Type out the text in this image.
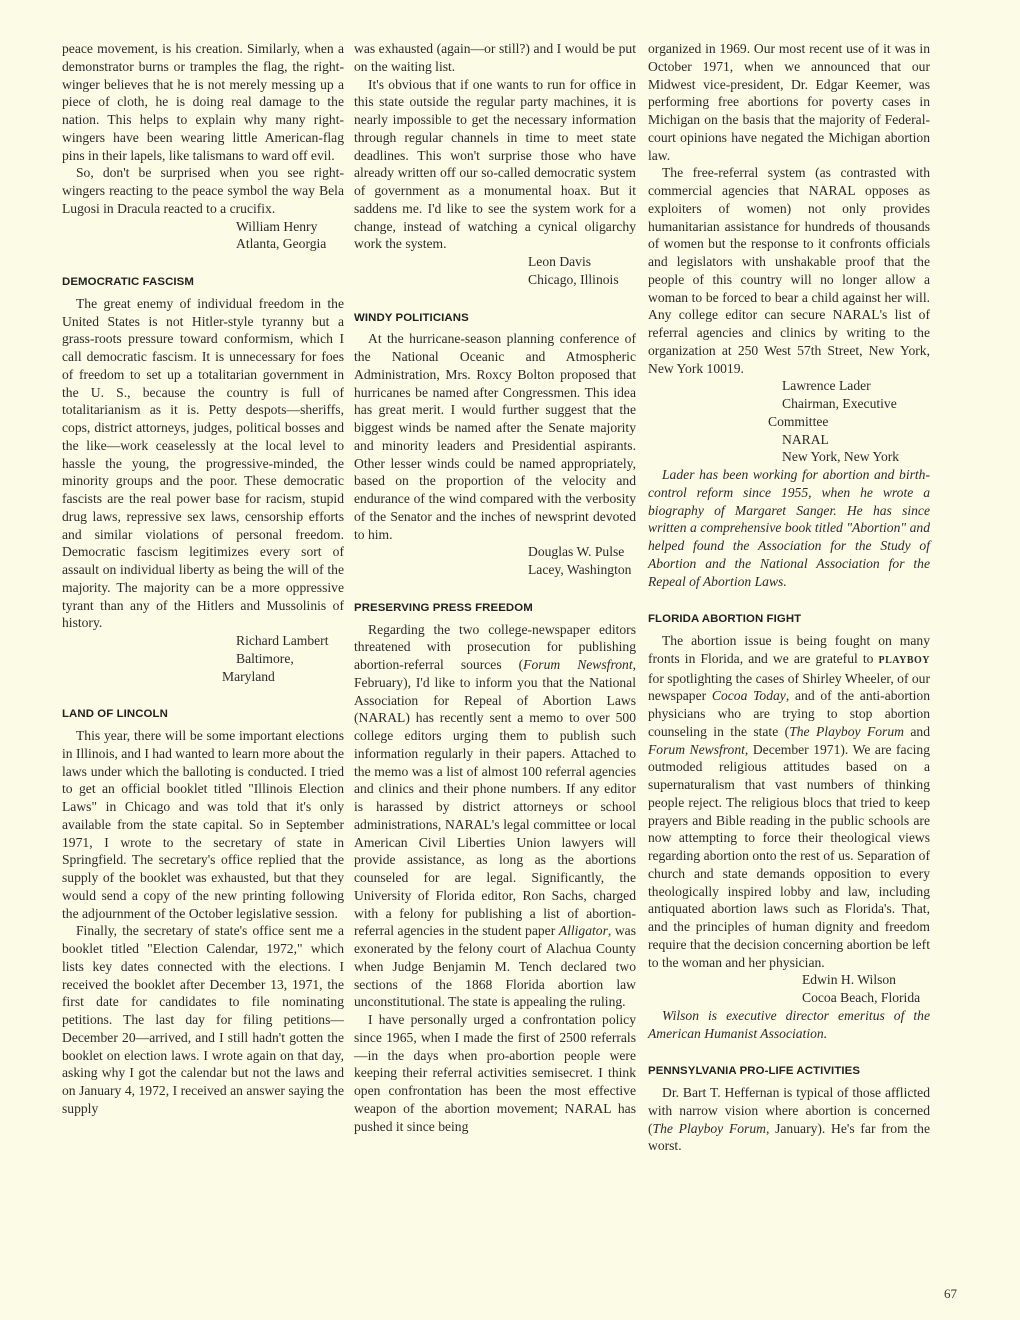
peace movement, is his creation. Similarly, when a demonstrator burns or tramples the flag, the right-winger believes that he is not merely messing up a piece of cloth, he is doing real damage to the nation. This helps to explain why many right-wingers have been wearing little American-flag pins in their lapels, like talismans to ward off evil.

So, don't be surprised when you see right-wingers reacting to the peace symbol the way Bela Lugosi in Dracula reacted to a crucifix.

William Henry

Atlanta, Georgia

DEMOCRATIC FASCISM

The great enemy of individual freedom in the United States is not Hitler-style tyranny but a grass-roots pressure toward conformism, which I call democratic fascism. It is unnecessary for foes of freedom to set up a totalitarian government in the U. S., because the country is full of totalitarianism as it is. Petty despots—sheriffs, cops, district attorneys, judges, political bosses and the like—work ceaselessly at the local level to hassle the young, the progressive-minded, the minority groups and the poor. These democratic fascists are the real power base for racism, stupid drug laws, repressive sex laws, censorship efforts and similar violations of personal freedom. Democratic fascism legitimizes every sort of assault on individual liberty as being the will of the majority. The majority can be a more oppressive tyrant than any of the Hitlers and Mussolinis of history.

Richard Lambert

Baltimore, Maryland

LAND OF LINCOLN

This year, there will be some important elections in Illinois, and I had wanted to learn more about the laws under which the balloting is conducted. I tried to get an official booklet titled "Illinois Election Laws" in Chicago and was told that it's only available from the state capital. So in September 1971, I wrote to the secretary of state in Springfield. The secretary's office replied that the supply of the booklet was exhausted, but that they would send a copy of the new printing following the adjournment of the October legislative session.

Finally, the secretary of state's office sent me a booklet titled "Election Calendar, 1972," which lists key dates connected with the elections. I received the booklet after December 13, 1971, the first date for candidates to file nominating petitions. The last day for filing petitions—December 20—arrived, and I still hadn't gotten the booklet on election laws. I wrote again on that day, asking why I got the calendar but not the laws and on January 4, 1972, I received an answer saying the supply

was exhausted (again—or still?) and I would be put on the waiting list.

It's obvious that if one wants to run for office in this state outside the regular party machines, it is nearly impossible to get the necessary information through regular channels in time to meet state deadlines. This won't surprise those who have already written off our so-called democratic system of government as a monumental hoax. But it saddens me. I'd like to see the system work for a change, instead of watching a cynical oligarchy work the system.

Leon Davis

Chicago, Illinois

WINDY POLITICIANS

At the hurricane-season planning conference of the National Oceanic and Atmospheric Administration, Mrs. Roxcy Bolton proposed that hurricanes be named after Congressmen. This idea has great merit. I would further suggest that the biggest winds be named after the Senate majority and minority leaders and Presidential aspirants. Other lesser winds could be named appropriately, based on the proportion of the velocity and endurance of the wind compared with the verbosity of the Senator and the inches of newsprint devoted to him.

Douglas W. Pulse

Lacey, Washington

PRESERVING PRESS FREEDOM

Regarding the two college-newspaper editors threatened with prosecution for publishing abortion-referral sources (Forum Newsfront, February), I'd like to inform you that the National Association for Repeal of Abortion Laws (NARAL) has recently sent a memo to over 500 college editors urging them to publish such information regularly in their papers. Attached to the memo was a list of almost 100 referral agencies and clinics and their phone numbers. If any editor is harassed by district attorneys or school administrations, NARAL's legal committee or local American Civil Liberties Union lawyers will provide assistance, as long as the abortions counseled for are legal. Significantly, the University of Florida editor, Ron Sachs, charged with a felony for publishing a list of abortion-referral agencies in the student paper Alligator, was exonerated by the felony court of Alachua County when Judge Benjamin M. Tench declared two sections of the 1868 Florida abortion law unconstitutional. The state is appealing the ruling.

I have personally urged a confrontation policy since 1965, when I made the first of 2500 referrals—in the days when pro-abortion people were keeping their referral activities semisecret. I think open confrontation has been the most effective weapon of the abortion movement; NARAL has pushed it since being

organized in 1969. Our most recent use of it was in October 1971, when we announced that our Midwest vice-president, Dr. Edgar Keemer, was performing free abortions for poverty cases in Michigan on the basis that the majority of Federal-court opinions have negated the Michigan abortion law.

The free-referral system (as contrasted with commercial agencies that NARAL opposes as exploiters of women) not only provides humanitarian assistance for hundreds of thousands of women but the response to it confronts officials and legislators with unshakable proof that the people of this country will no longer allow a woman to be forced to bear a child against her will. Any college editor can secure NARAL's list of referral agencies and clinics by writing to the organization at 250 West 57th Street, New York, New York 10019.

Lawrence Lader

Chairman, Executive Committee

NARAL

New York, New York

Lader has been working for abortion and birth-control reform since 1955, when he wrote a biography of Margaret Sanger. He has since written a comprehensive book titled "Abortion" and helped found the Association for the Study of Abortion and the National Association for the Repeal of Abortion Laws.

FLORIDA ABORTION FIGHT

The abortion issue is being fought on many fronts in Florida, and we are grateful to PLAYBOY for spotlighting the cases of Shirley Wheeler, of our newspaper Cocoa Today, and of the anti-abortion physicians who are trying to stop abortion counseling in the state (The Playboy Forum and Forum Newsfront, December 1971). We are facing outmoded religious attitudes based on a supernaturalism that vast numbers of thinking people reject. The religious blocs that tried to keep prayers and Bible reading in the public schools are now attempting to force their theological views regarding abortion onto the rest of us. Separation of church and state demands opposition to every theologically inspired lobby and law, including antiquated abortion laws such as Florida's. That, and the principles of human dignity and freedom require that the decision concerning abortion be left to the woman and her physician.

Edwin H. Wilson

Cocoa Beach, Florida

Wilson is executive director emeritus of the American Humanist Association.

PENNSYLVANIA PRO-LIFE ACTIVITIES

Dr. Bart T. Heffernan is typical of those afflicted with narrow vision where abortion is concerned (The Playboy Forum, January). He's far from the worst.

67
